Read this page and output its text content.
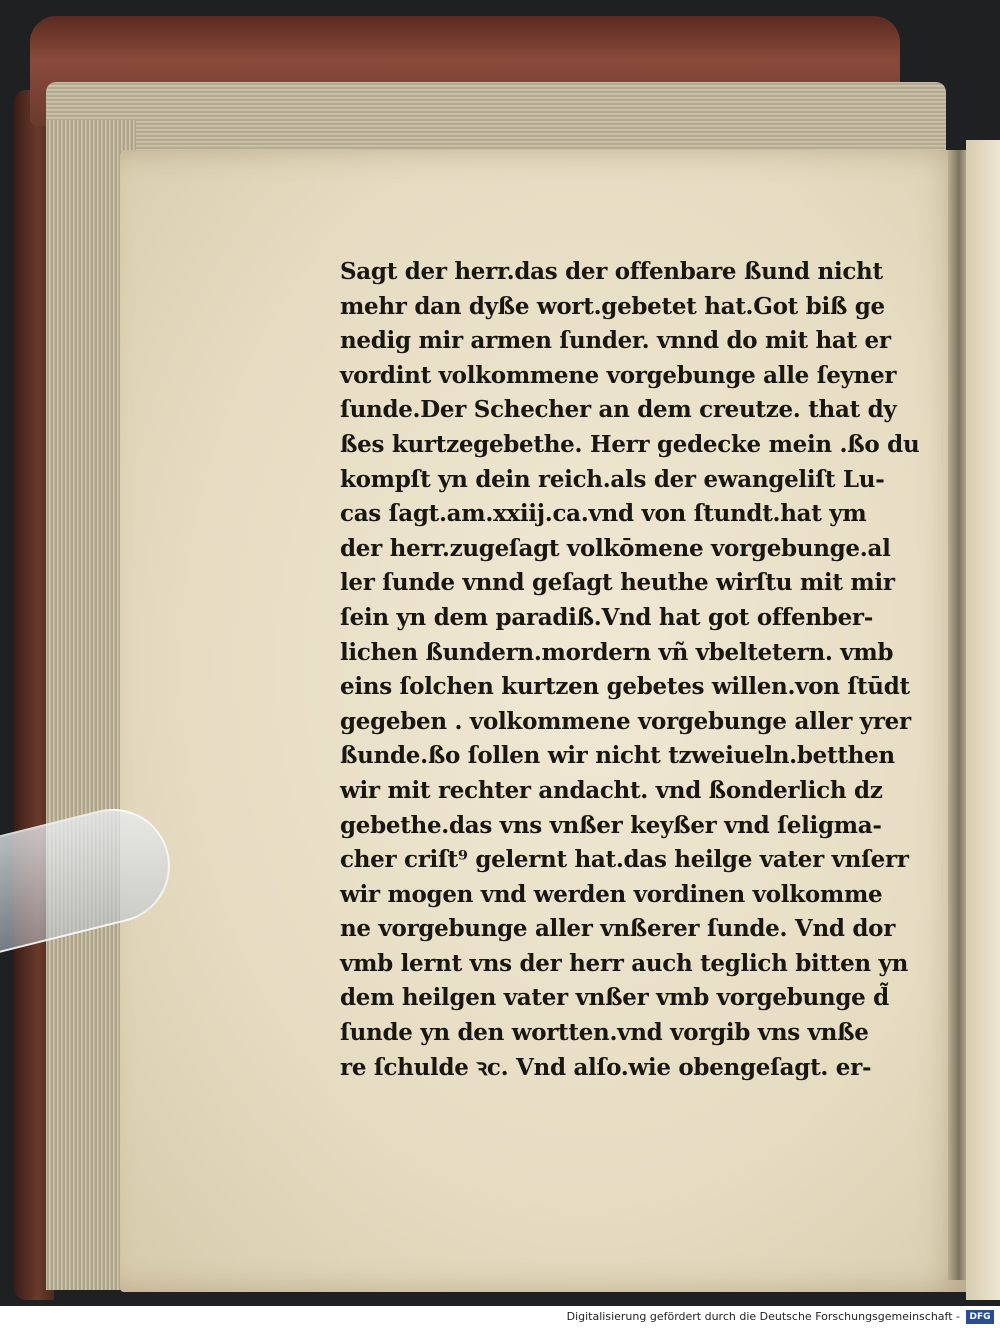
Sagt der herr.das der offenbare ßund nicht
mehr dan dyße wort.gebetet hat.Got biß ge
nedig mir armen ſunder. vnnd do mit hat er
vordint volkommene vorgebunge alle ſeyner
ſunde.Der Schecher an dem creutze. that dy
ßes kurtzegebethe. Herr gedecke mein .ßo du
kompſt yn dein reich.als der ewangeliſt Lu-
cas ſagt.am.xxiij.ca.vnd von ſtundt.hat ym
der herr.zugeſagt volkōmene vorgebunge.al
ler ſunde vnnd geſagt heuthe wirſtu mit mir
ſein yn dem paradiß.Vnd hat got offenber-
lichen ßundern.mordern vñ vbeltetern. vmb
eins ſolchen kurtzen gebetes willen.von ſtūdt
gegeben . volkommene vorgebunge aller yrer
ßunde.ßo ſollen wir nicht tzweiueln.betthen
wir mit rechter andacht. vnd ßonderlich dz
gebethe.das vns vnßer keyßer vnd ſeligma-
cher criſt⁹ gelernt hat.das heilge vater vnſerr
wir mogen vnd werden vordinen volkomme
ne vorgebunge aller vnßerer ſunde. Vnd dor
vmb lernt vns der herr auch teglich bitten yn
dem heilgen vater vnßer vmb vorgebunge d̃
ſunde yn den wortten.vnd vorgib vns vnße
re ſchulde ꝛc. Vnd alſo.wie obengeſagt. er-
Digitalisierung gefördert durch die Deutsche Forschungsgemeinschaft -	DFG
